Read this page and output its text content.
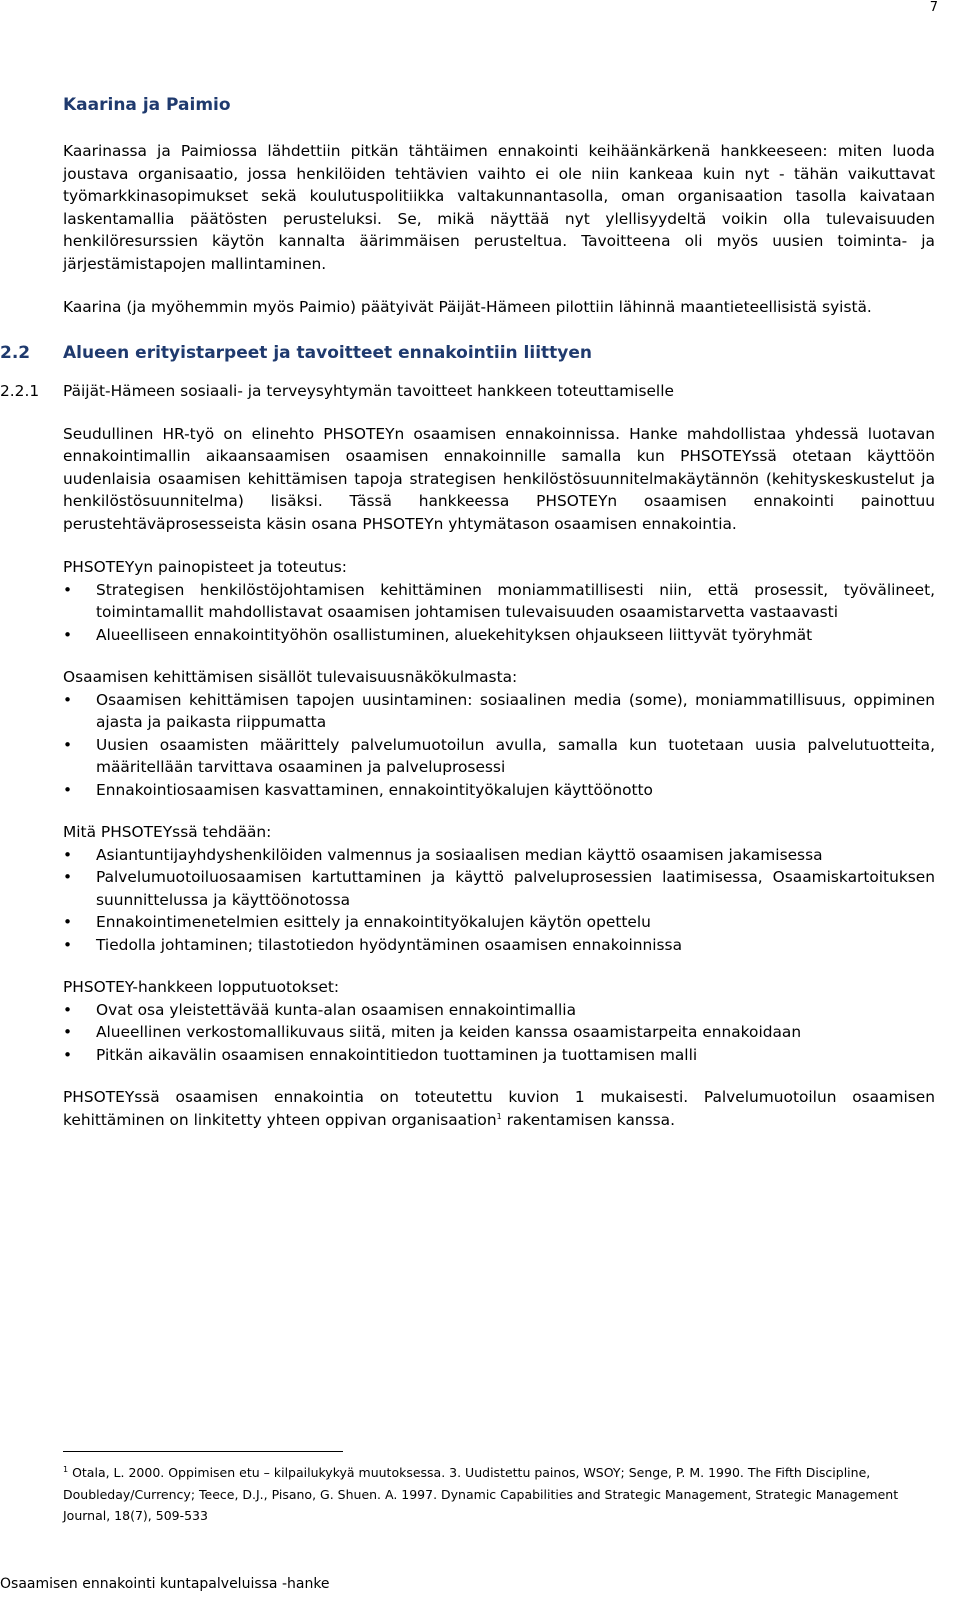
7
Kaarina ja Paimio

Kaarinassa ja Paimiossa lähdettiin pitkän tähtäimen ennakointi keihäänkärkenä hankkeeseen: miten luoda joustava organisaatio, jossa henkilöiden tehtävien vaihto ei ole niin kankeaa kuin nyt - tähän vaikuttavat työmarkkinasopimukset sekä koulutuspolitiikka valtakunnantasolla, oman organisaation tasolla kaivataan laskentamallia päätösten perusteluksi. Se, mikä näyttää nyt ylellisyydeltä voikin olla tulevaisuuden henkilöresurssien käytön kannalta äärimmäisen perusteltua. Tavoitteena oli myös uusien toiminta- ja järjestämistapojen mallintaminen.

Kaarina (ja myöhemmin myös Paimio) päätyivät Päijät-Hämeen pilottiin lähinnä maantieteellisistä syistä.

2.2 Alueen erityistarpeet ja tavoitteet ennakointiin liittyen
2.2.1 Päijät-Hämeen sosiaali- ja terveysyhtymän tavoitteet hankkeen toteuttamiselle

Seudullinen HR-työ on elinehto PHSOTEYn osaamisen ennakoinnissa. Hanke mahdollistaa yhdessä luotavan ennakointimallin aikaansaamisen osaamisen ennakoinnille samalla kun PHSOTEYssä otetaan käyttöön uudenlaisia osaamisen kehittämisen tapoja strategisen henkilöstösuunnitelmakäytännön (kehityskeskustelut ja henkilöstösuunnitelma) lisäksi. Tässä hankkeessa PHSOTEYn osaamisen ennakointi painottuu perustehtäväprosesseista käsin osana PHSOTEYn yhtymätason osaamisen ennakointia.

PHSOTEYyn painopisteet ja toteutus:

• Strategisen henkilöstöjohtamisen kehittäminen moniammatillisesti niin, että prosessit, työvälineet, toimintamallit mahdollistavat osaamisen johtamisen tulevaisuuden osaamistarvetta vastaavasti
• Alueelliseen ennakointityöhön osallistuminen, aluekehityksen ohjaukseen liittyvät työryhmät

Osaamisen kehittämisen sisällöt tulevaisuusnäkökulmasta:

• Osaamisen kehittämisen tapojen uusintaminen: sosiaalinen media (some), moniammatillisuus, oppiminen ajasta ja paikasta riippumatta
• Uusien osaamisten määrittely palvelumuotoilun avulla, samalla kun tuotetaan uusia palvelutuotteita, määritellään tarvittava osaaminen ja palveluprosessi
• Ennakointiosaamisen kasvattaminen, ennakointityökalujen käyttöönotto

Mitä PHSOTEYssä tehdään:

• Asiantuntijayhdyshenkilöiden valmennus ja sosiaalisen median käyttö osaamisen jakamisessa
• Palvelumuotoiluosaamisen kartuttaminen ja käyttö palveluprosessien laatimisessa, Osaamiskartoituksen suunnittelussa ja käyttöönotossa
• Ennakointimenetelmien esittely ja ennakointityökalujen käytön opettelu
• Tiedolla johtaminen; tilastotiedon hyödyntäminen osaamisen ennakoinnissa

PHSOTEY-hankkeen lopputuotokset:

• Ovat osa yleistettävää kunta-alan osaamisen ennakointimallia
• Alueellinen verkostomallikuvaus siitä, miten ja keiden kanssa osaamistarpeita ennakoidaan
• Pitkän aikavälin osaamisen ennakointitiedon tuottaminen ja tuottamisen malli

PHSOTEYssä osaamisen ennakointia on toteutettu kuvion 1 mukaisesti. Palvelumuotoilun osaamisen kehittäminen on linkitetty yhteen oppivan organisaation$^1$ rakentamisen kanssa.

$^1$ Otala, L. 2000. Oppimisen etu – kilpailukykyä muutoksessa. 3. Uudistettu painos, WSOY; Senge, P. M. 1990. The Fifth Discipline, Doubleday/Currency; Teece, D.J., Pisano, G. Shuen. A. 1997. Dynamic Capabilities and Strategic Management, Strategic Management Journal, 18(7), 509-533
Osaamisen ennakointi kuntapalveluissa -hanke
